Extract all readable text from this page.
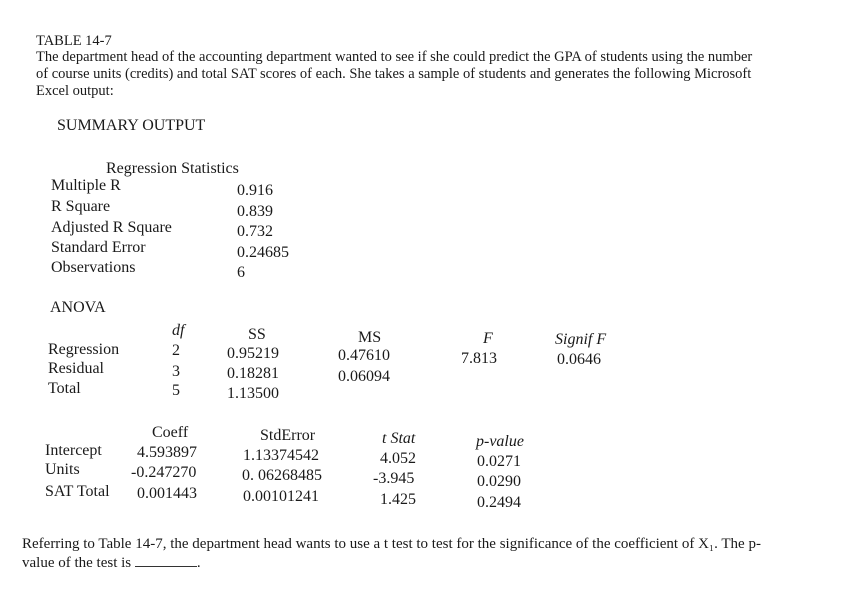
TABLE 14-7
The department head of the accounting department wanted to see if she could predict the GPA of students using the number
of course units (credits) and total SAT scores of each. She takes a sample of students and generates the following Microsoft
Excel output:
SUMMARY OUTPUT
Regression Statistics
Multiple R	0.916
R Square	0.839
Adjusted R Square	0.732
Standard Error	0.24685
Observations	6
ANOVA
df	SS	MS	F	Signif F
Regression	2	0.95219	0.47610	7.813	0.0646
Residual	3	0.18281	0.06094
Total	5	1.13500
Coeff	StdError	t Stat	p-value
Intercept 4.593897	1.13374542	4.052	0.0271
Units	-0.247270	0. 06268485	-3.945	0.0290
SAT Total 0.001443	0.00101241	1.425	0.2494
Referring to Table 14-7, the department head wants to use a t test to test for the significance of the coefficient of X₁. The p-
value of the test is	.
